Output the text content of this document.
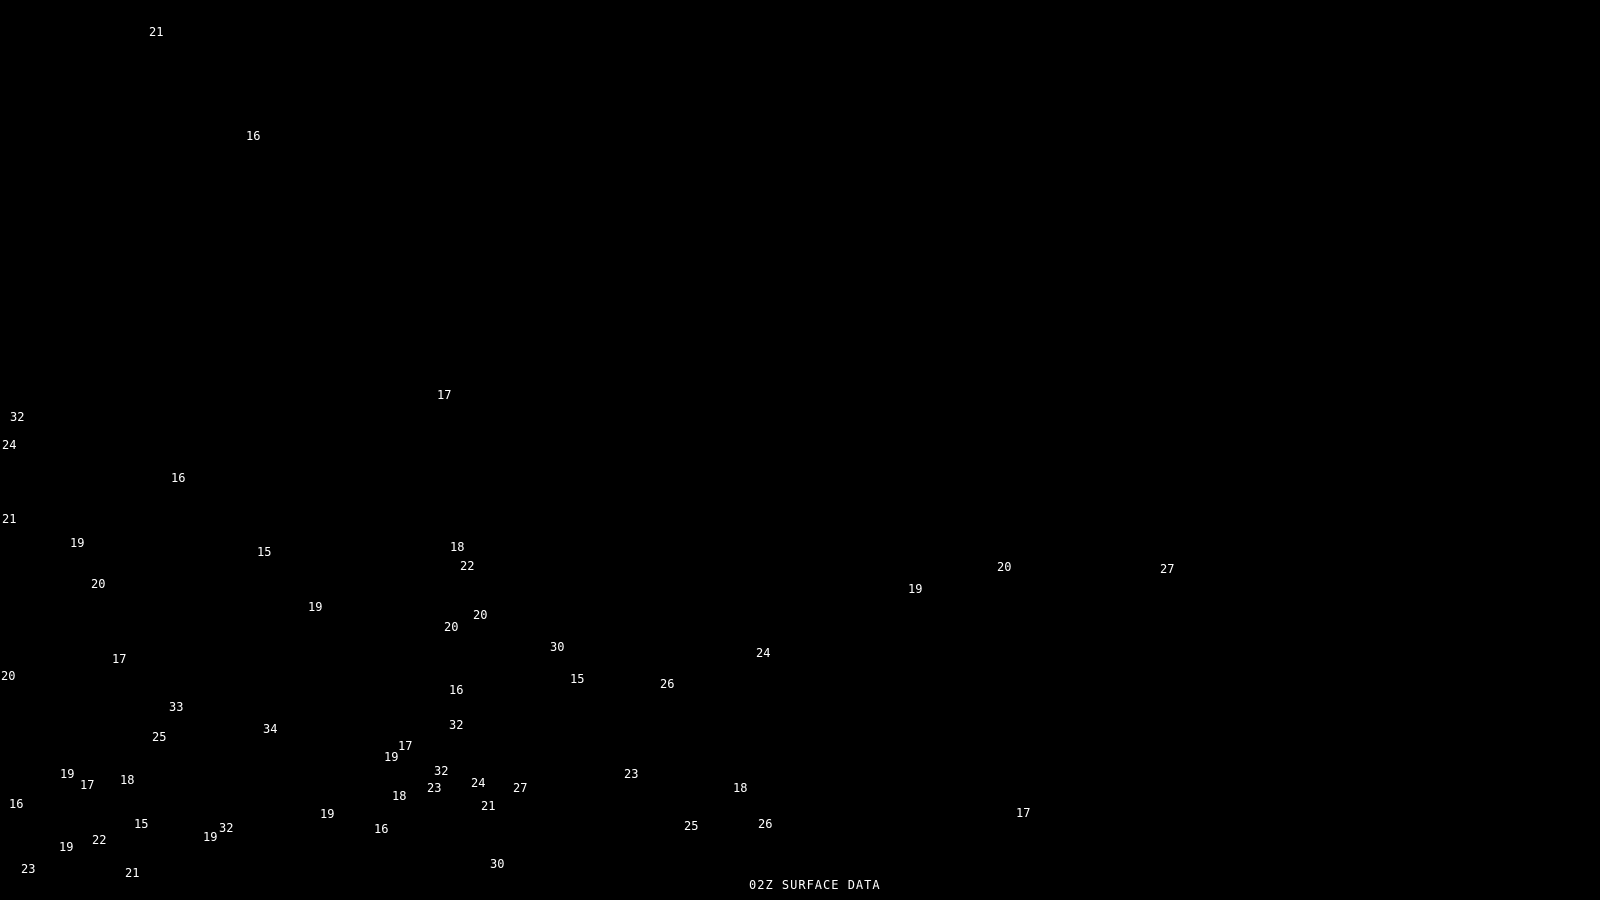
21
16
17
32
24
16
21
19
15	18
22	20	27
20	19
19
20
20
30	24
17
20	15	26
16
33
32
34
25
17
19
23
32
19	18
17	23 24 27	18
18
16	21	17
19
16
15	25	26
32
19
22
19
30
23	21
02Z SURFACE DATA
